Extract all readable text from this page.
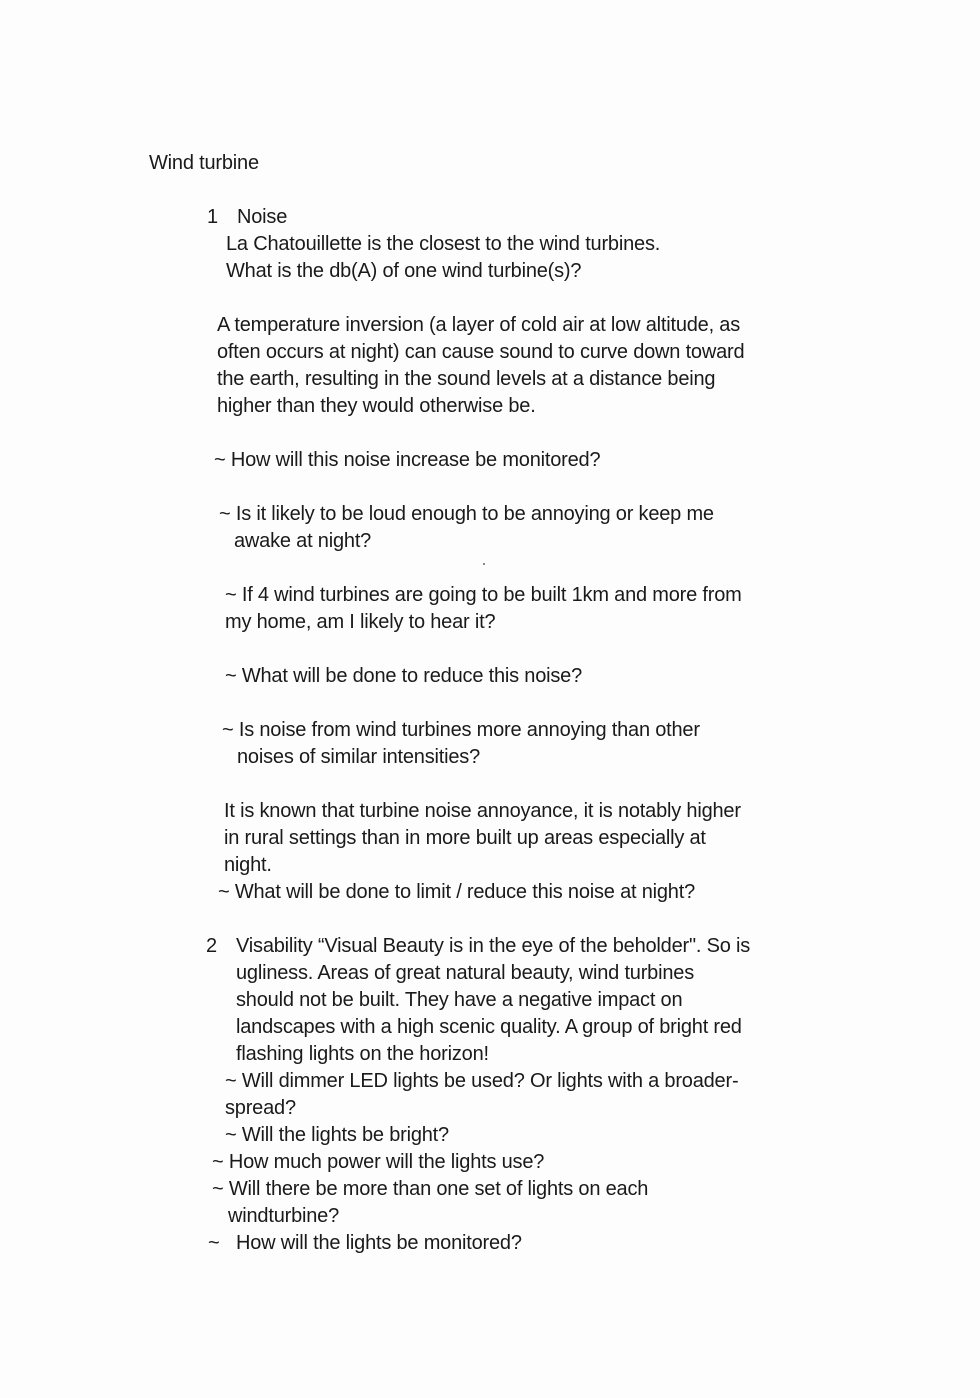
Wind turbine
1 Noise
La Chatouillette is the closest to the wind turbines.
What is the db(A) of one wind turbine(s)?
A temperature inversion (a layer of cold air at low altitude, as
often occurs at night) can cause sound to curve down toward
the earth, resulting in the sound levels at a distance being
higher than they would otherwise be.
~ How will this noise increase be monitored?
~ Is it likely to be loud enough to be annoying or keep me
awake at night?
~ If 4 wind turbines are going to be built 1km and more from
my home, am I likely to hear it?
~ What will be done to reduce this noise?
~ Is noise from wind turbines more annoying than other
noises of similar intensities?
It is known that turbine noise annoyance, it is notably higher
in rural settings than in more built up areas especially at
night.
~ What will be done to limit / reduce this noise at night?
2 Visability “Visual Beauty is in the eye of the beholder". So is
ugliness. Areas of great natural beauty, wind turbines
should not be built. They have a negative impact on
landscapes with a high scenic quality. A group of bright red
flashing lights on the horizon!
~ Will dimmer LED lights be used? Or lights with a broader-
spread?
~ Will the lights be bright?
~ How much power will the lights use?
~ Will there be more than one set of lights on each
windturbine?
~ How will the lights be monitored?
